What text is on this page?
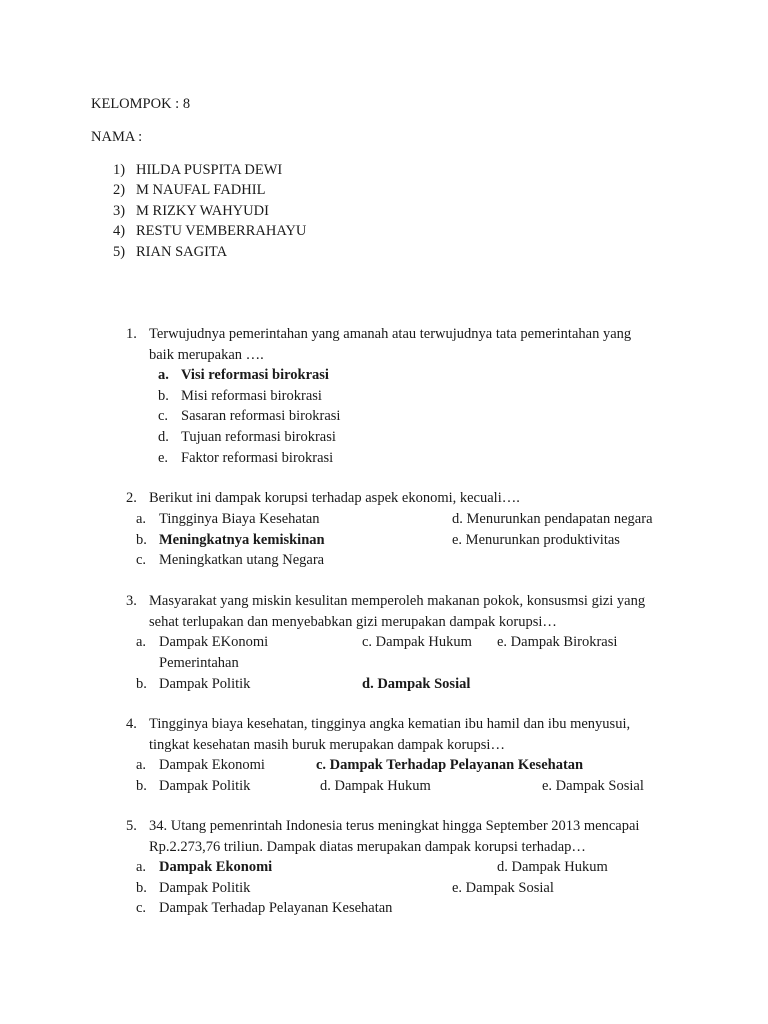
KELOMPOK : 8
NAMA :
1) HILDA PUSPITA DEWI
2) M NAUFAL FADHIL
3) M RIZKY WAHYUDI
4) RESTU VEMBERRAHAYU
5) RIAN SAGITA
1. Terwujudnya pemerintahan yang amanah atau terwujudnya tata pemerintahan yang
baik merupakan ….
a. Visi reformasi birokrasi
b. Misi reformasi birokrasi
c. Sasaran reformasi birokrasi
d. Tujuan reformasi birokrasi
e. Faktor reformasi birokrasi
2. Berikut ini dampak korupsi terhadap aspek ekonomi, kecuali….
a. Tingginya Biaya Kesehatan	d. Menurunkan pendapatan negara
b. Meningkatnya kemiskinan	e. Menurunkan produktivitas
c. Meningkatkan utang Negara
3. Masyarakat yang miskin kesulitan memperoleh makanan pokok, konsusmsi gizi yang
sehat terlupakan dan menyebabkan gizi merupakan dampak korupsi…
a. Dampak EKonomi	c. Dampak Hukum e. Dampak Birokrasi
Pemerintahan
b. Dampak Politik	d. Dampak Sosial
4. Tingginya biaya kesehatan, tingginya angka kematian ibu hamil dan ibu menyusui,
tingkat kesehatan masih buruk merupakan dampak korupsi…
a. Dampak Ekonomi	c. Dampak Terhadap Pelayanan Kesehatan
b. Dampak Politik	d. Dampak Hukum	e. Dampak Sosial
5. 34. Utang pemenrintah Indonesia terus meningkat hingga September 2013 mencapai
Rp.2.273,76 triliun. Dampak diatas merupakan dampak korupsi terhadap…
a. Dampak Ekonomi	d. Dampak Hukum
b. Dampak Politik	e. Dampak Sosial
c. Dampak Terhadap Pelayanan Kesehatan
